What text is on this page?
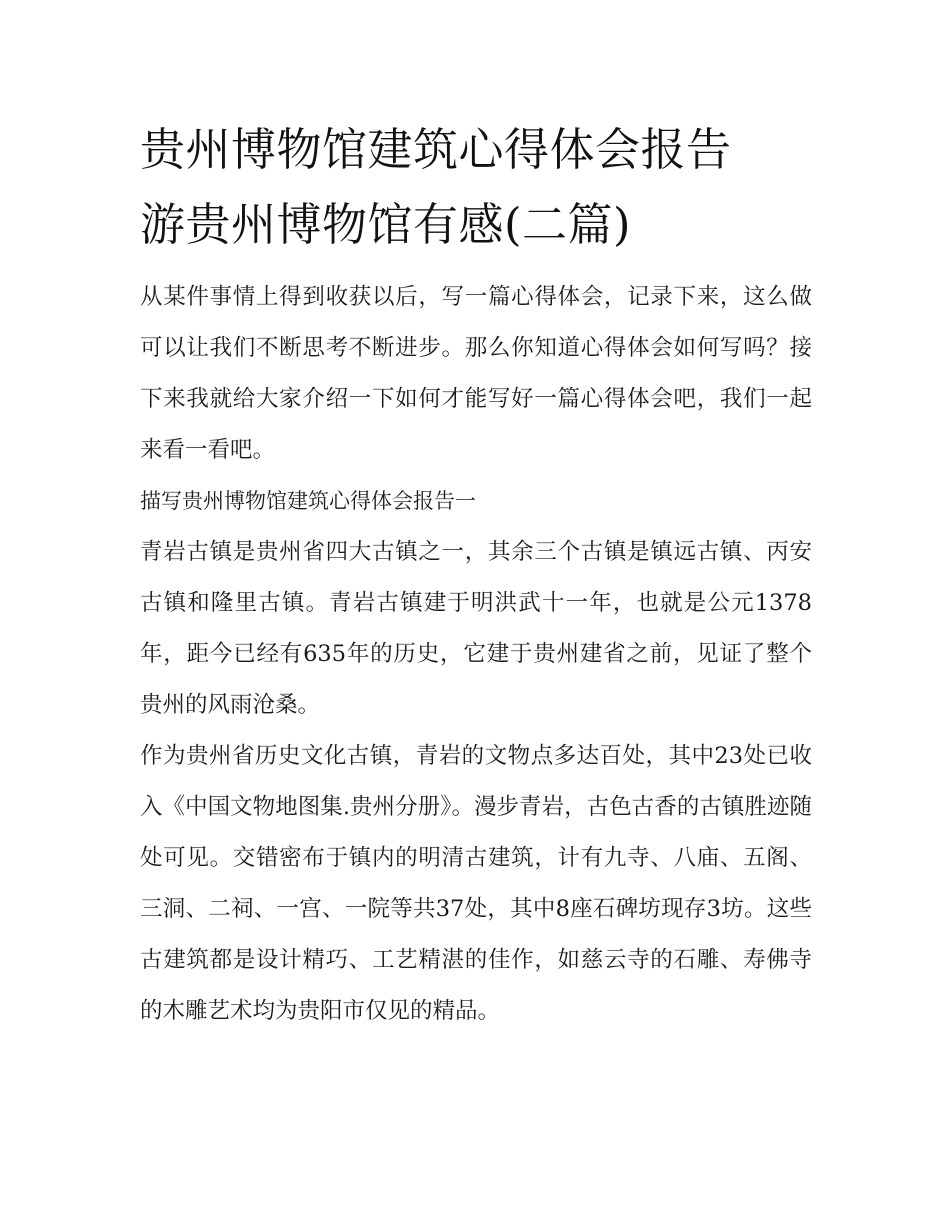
贵州博物馆建筑心得体会报告
游贵州博物馆有感(二篇)

从某件事情上得到收获以后，写一篇心得体会，记录下来，这么做可以让我们不断思考不断进步。那么你知道心得体会如何写吗？接下来我就给大家介绍一下如何才能写好一篇心得体会吧，我们一起来看一看吧。

描写贵州博物馆建筑心得体会报告一

青岩古镇是贵州省四大古镇之一，其余三个古镇是镇远古镇、丙安古镇和隆里古镇。青岩古镇建于明洪武十一年，也就是公元1378年，距今已经有635年的历史，它建于贵州建省之前，见证了整个贵州的风雨沧桑。

作为贵州省历史文化古镇，青岩的文物点多达百处，其中23处已收入《中国文物地图集.贵州分册》。漫步青岩，古色古香的古镇胜迹随处可见。交错密布于镇内的明清古建筑，计有九寺、八庙、五阁、三洞、二祠、一宫、一院等共37处，其中8座石碑坊现存3坊。这些古建筑都是设计精巧、工艺精湛的佳作，如慈云寺的石雕、寿佛寺的木雕艺术均为贵阳市仅见的精品。
